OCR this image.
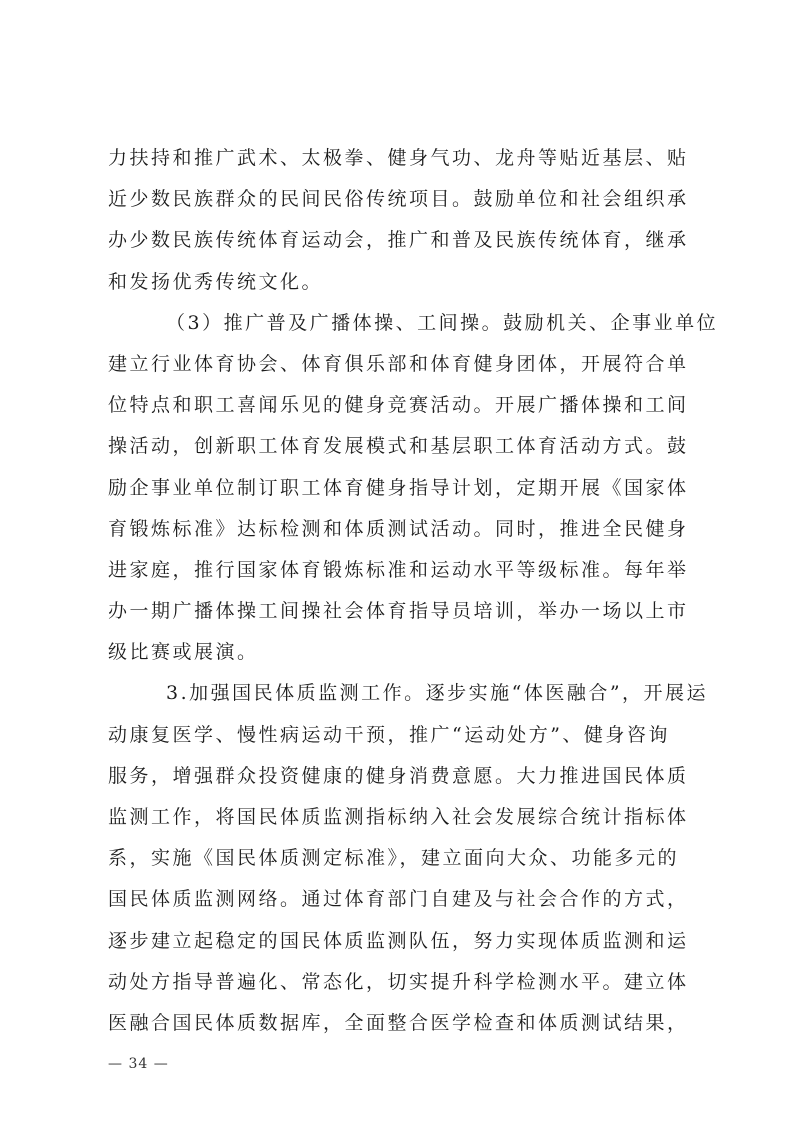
力扶持和推广武术、太极拳、健身气功、龙舟等贴近基层、贴
近少数民族群众的民间民俗传统项目。鼓励单位和社会组织承
办少数民族传统体育运动会，推广和普及民族传统体育，继承
和发扬优秀传统文化。
（3）推广普及广播体操、工间操。鼓励机关、企事业单位
建立行业体育协会、体育俱乐部和体育健身团体，开展符合单
位特点和职工喜闻乐见的健身竞赛活动。开展广播体操和工间
操活动，创新职工体育发展模式和基层职工体育活动方式。鼓
励企事业单位制订职工体育健身指导计划，定期开展《国家体
育锻炼标准》达标检测和体质测试活动。同时，推进全民健身
进家庭，推行国家体育锻炼标准和运动水平等级标准。每年举
办一期广播体操工间操社会体育指导员培训，举办一场以上市
级比赛或展演。
3.加强国民体质监测工作。逐步实施“体医融合”，开展运
动康复医学、慢性病运动干预，推广“运动处方”、健身咨询
服务，增强群众投资健康的健身消费意愿。大力推进国民体质
监测工作，将国民体质监测指标纳入社会发展综合统计指标体
系，实施《国民体质测定标准》，建立面向大众、功能多元的
国民体质监测网络。通过体育部门自建及与社会合作的方式，
逐步建立起稳定的国民体质监测队伍，努力实现体质监测和运
动处方指导普遍化、常态化，切实提升科学检测水平。建立体
医融合国民体质数据库，全面整合医学检查和体质测试结果，
— 34 —
